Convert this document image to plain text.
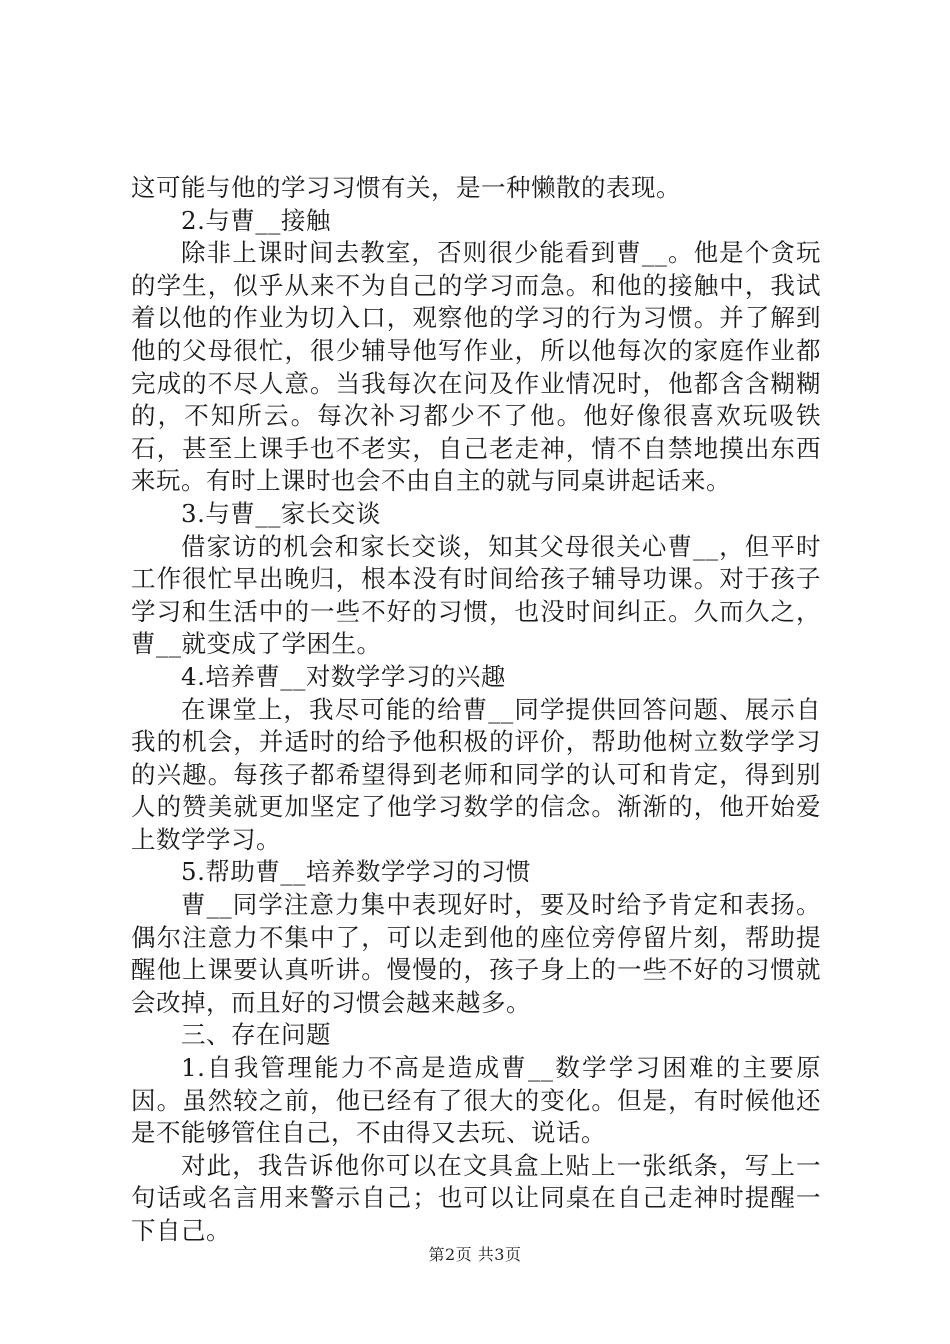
这可能与他的学习习惯有关，是一种懒散的表现。

2.与曹__接触

除非上课时间去教室，否则很少能看到曹__。他是个贪玩的学生，似乎从来不为自己的学习而急。和他的接触中，我试着以他的作业为切入口，观察他的学习的行为习惯。并了解到他的父母很忙，很少辅导他写作业，所以他每次的家庭作业都完成的不尽人意。当我每次在问及作业情况时，他都含含糊糊的，不知所云。每次补习都少不了他。他好像很喜欢玩吸铁石，甚至上课手也不老实，自己老走神，情不自禁地摸出东西来玩。有时上课时也会不由自主的就与同桌讲起话来。

3.与曹__家长交谈

借家访的机会和家长交谈，知其父母很关心曹__，但平时工作很忙早出晚归，根本没有时间给孩子辅导功课。对于孩子学习和生活中的一些不好的习惯，也没时间纠正。久而久之，曹__就变成了学困生。

4.培养曹__对数学学习的兴趣

在课堂上，我尽可能的给曹__同学提供回答问题、展示自我的机会，并适时的给予他积极的评价，帮助他树立数学学习的兴趣。每孩子都希望得到老师和同学的认可和肯定，得到别人的赞美就更加坚定了他学习数学的信念。渐渐的，他开始爱上数学学习。

5.帮助曹__培养数学学习的习惯

曹__同学注意力集中表现好时，要及时给予肯定和表扬。偶尔注意力不集中了，可以走到他的座位旁停留片刻，帮助提醒他上课要认真听讲。慢慢的，孩子身上的一些不好的习惯就会改掉，而且好的习惯会越来越多。

三、存在问题

1.自我管理能力不高是造成曹__数学学习困难的主要原因。虽然较之前，他已经有了很大的变化。但是，有时候他还是不能够管住自己，不由得又去玩、说话。

对此，我告诉他你可以在文具盒上贴上一张纸条，写上一句话或名言用来警示自己；也可以让同桌在自己走神时提醒一下自己。

第2页 共3页
